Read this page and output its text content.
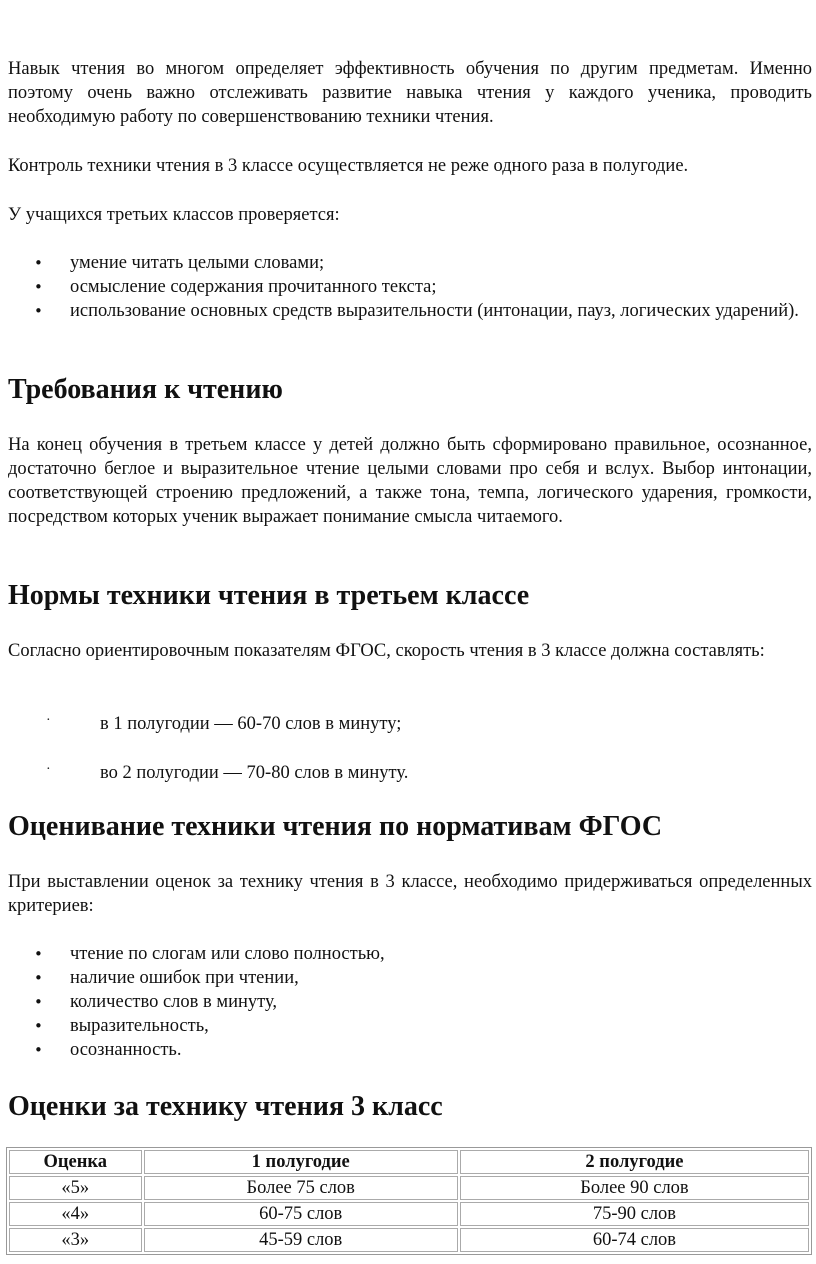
Навык чтения во многом определяет эффективность обучения по другим предметам. Именно поэтому очень важно отслеживать развитие навыка чтения у каждого ученика, проводить необходимую работу по совершенствованию техники чтения.

Контроль техники чтения в 3 классе осуществляется не реже одного раза в полугодие.

У учащихся третьих классов проверяется:

• умение читать целыми словами;
• осмысление содержания прочитанного текста;
• использование основных средств выразительности (интонации, пауз, логических ударений).
Требования к чтению

На конец обучения в третьем классе у детей должно быть сформировано правильное, осознанное, достаточно беглое и выразительное чтение целыми словами про себя и вслух. Выбор интонации, соответствующей строению предложений, а также тона, темпа, логического ударения, громкости, посредством которых ученик выражает понимание смысла читаемого.

Нормы техники чтения в третьем классе

Согласно ориентировочным показателям ФГОС, скорость чтения в 3 классе должна составлять:

·	в 1 полугодии — 60-70 слов в минуту;
·	во 2 полугодии — 70-80 слов в минуту.
Оценивание техники чтения по нормативам ФГОС

При выставлении оценок за технику чтения в 3 классе, необходимо придерживаться определенных критериев:

• чтение по слогам или слово полностью,
• наличие ошибок при чтении,
• количество слов в минуту,
• выразительность,
• осознанность.
Оценки за технику чтения 3 класс
Оценка	1 полугодие	2 полугодие
«5»	Более 75 слов	Более 90 слов
«4»	60-75 слов	75-90 слов
«3»	45-59 слов	60-74 слов
